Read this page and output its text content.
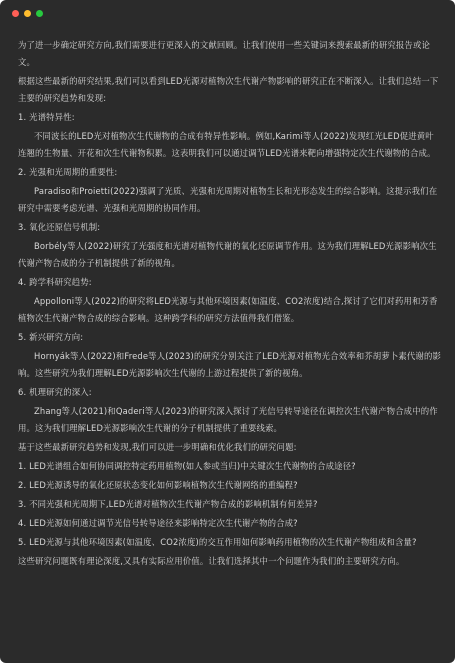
为了进一步确定研究方向,我们需要进行更深入的文献回顾。让我们使用一些关键词来搜索最新的研究报告或论文。

根据这些最新的研究结果,我们可以看到LED光源对植物次生代谢产物影响的研究正在不断深入。让我们总结一下主要的研究趋势和发现:

1. 光谱特异性:

不同波长的LED光对植物次生代谢物的合成有特异性影响。例如,Karimi等人(2022)发现红光LED促进黄叶连翘的生物量、开花和次生代谢物积累。这表明我们可以通过调节LED光谱来靶向增强特定次生代谢物的合成。

2. 光强和光周期的重要性:

Paradiso和Proietti(2022)强调了光质、光强和光周期对植物生长和光形态发生的综合影响。这提示我们在研究中需要考虑光谱、光强和光周期的协同作用。

3. 氧化还原信号机制:

Borbély等人(2022)研究了光强度和光谱对植物代谢的氧化还原调节作用。这为我们理解LED光源影响次生代谢产物合成的分子机制提供了新的视角。

4. 跨学科研究趋势:

Appolloni等人(2022)的研究将LED光源与其他环境因素(如温度、CO2浓度)结合,探讨了它们对药用和芳香植物次生代谢产物合成的综合影响。这种跨学科的研究方法值得我们借鉴。

5. 新兴研究方向:

Hornyák等人(2022)和Frede等人(2023)的研究分别关注了LED光源对植物光合效率和芥胡萝卜素代谢的影响。这些研究为我们理解LED光源影响次生代谢的上游过程提供了新的视角。

6. 机理研究的深入:

Zhang等人(2021)和Qaderi等人(2023)的研究深入探讨了光信号转导途径在调控次生代谢产物合成中的作用。这为我们理解LED光源影响次生代谢的分子机制提供了重要线索。

基于这些最新研究趋势和发现,我们可以进一步明确和优化我们的研究问题:

1. LED光谱组合如何协同调控特定药用植物(如人参或当归)中关键次生代谢物的合成途径?

2. LED光源诱导的氧化还原状态变化如何影响植物次生代谢网络的重编程?

3. 不同光强和光周期下,LED光谱对植物次生代谢产物合成的影响机制有何差异?

4. LED光源如何通过调节光信号转导途径来影响特定次生代谢产物的合成?

5. LED光源与其他环境因素(如温度、CO2浓度)的交互作用如何影响药用植物的次生代谢产物组成和含量?

这些研究问题既有理论深度,又具有实际应用价值。让我们选择其中一个问题作为我们的主要研究方向。
